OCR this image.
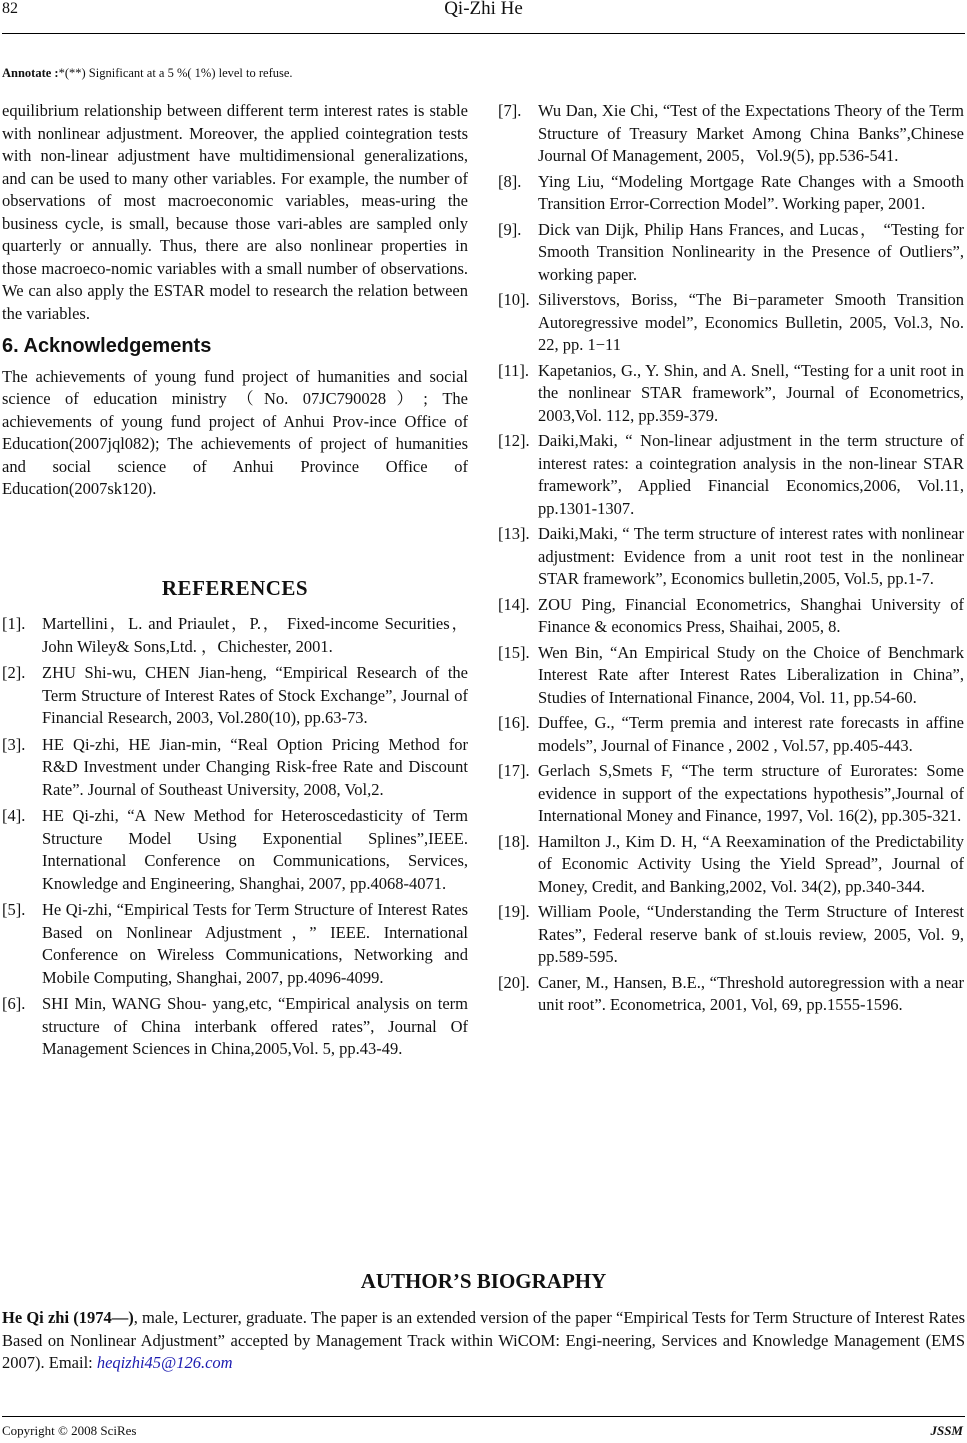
82	Qi-Zhi He
Annotate :*(**) Significant at a 5 %( 1%) level to refuse.
equilibrium relationship between different term interest rates is stable with nonlinear adjustment. Moreover, the applied cointegration tests with non-linear adjustment have multidimensional generalizations, and can be used to many other variables. For example, the number of observations of most macroeconomic variables, meas-uring the business cycle, is small, because those vari-ables are sampled only quarterly or annually. Thus, there are also nonlinear properties in those macroeco-nomic variables with a small number of observations. We can also apply the ESTAR model to research the relation between the variables.
6. Acknowledgements
The achievements of young fund project of humanities and social science of education ministry（No. 07JC790028）; The achievements of young fund project of Anhui Prov-ince Office of Education(2007jql082); The achievements of project of humanities and social science of Anhui Province Office of Education(2007sk120).
REFERENCES
[1].	Martellini，L. and Priaulet，P.， Fixed-income Securities， John Wiley& Sons,Ltd. ，Chichester, 2001.
[2].	ZHU Shi-wu, CHEN Jian-heng, “Empirical Research of the Term Structure of Interest Rates of Stock Exchange”, Journal of Financial Research, 2003, Vol.280(10), pp.63-73.
[3].	HE Qi-zhi, HE Jian-min, “Real Option Pricing Method for R&D Investment under Changing Risk-free Rate and Discount Rate”. Journal of Southeast University, 2008, Vol,2.
[4].	HE Qi-zhi, “A New Method for Heteroscedasticity of Term Structure Model Using Exponential Splines”,IEEE. International Conference on Communications, Services, Knowledge and Engineering, Shanghai, 2007, pp.4068-4071.
[5].	He Qi-zhi, “Empirical Tests for Term Structure of Interest Rates Based on Nonlinear Adjustment，” IEEE. International Conference on Wireless Communications, Networking and Mobile Computing, Shanghai, 2007, pp.4096-4099.
[6].	SHI Min, WANG Shou- yang,etc, “Empirical analysis on term structure of China interbank offered rates”, Journal Of Management Sciences in China,2005,Vol. 5, pp.43-49.
[7].	Wu Dan, Xie Chi, “Test of the Expectations Theory of the Term Structure of Treasury Market Among China Banks”,Chinese Journal Of Management, 2005，Vol.9(5), pp.536-541.
[8].	Ying Liu, “Modeling Mortgage Rate Changes with a Smooth Transition Error-Correction Model”. Working paper, 2001.
[9].	Dick van Dijk, Philip Hans Frances, and Lucas， “Testing for Smooth Transition Nonlinearity in the Presence of Outliers”, working paper.
[10]. Siliverstovs, Boriss, “The Bi−parameter Smooth Transition Autoregressive model”, Economics Bulletin, 2005, Vol.3, No. 22, pp. 1−11
[11]. Kapetanios, G., Y. Shin, and A. Snell, “Testing for a unit root in the nonlinear STAR framework”, Journal of Econometrics, 2003,Vol. 112, pp.359-379.
[12]. Daiki,Maki, “ Non-linear adjustment in the term structure of interest rates: a cointegration analysis in the non-linear STAR framework”, Applied Financial Economics,2006, Vol.11, pp.1301-1307.
[13]. Daiki,Maki, “ The term structure of interest rates with nonlinear adjustment: Evidence from a unit root test in the nonlinear STAR framework”, Economics bulletin,2005, Vol.5, pp.1-7.
[14]. ZOU Ping, Financial Econometrics, Shanghai University of Finance & economics Press, Shaihai, 2005, 8.
[15]. Wen Bin, “An Empirical Study on the Choice of Benchmark Interest Rate after Interest Rates Liberalization in China”, Studies of International Finance, 2004, Vol. 11, pp.54-60.
[16]. Duffee, G., “Term premia and interest rate forecasts in affine models”, Journal of Finance , 2002 , Vol.57, pp.405-443.
[17]. Gerlach S,Smets F, “The term structure of Eurorates: Some evidence in support of the expectations hypothesis”,Journal of International Money and Finance, 1997, Vol. 16(2), pp.305-321.
[18]. Hamilton J., Kim D. H, “A Reexamination of the Predictability of Economic Activity Using the Yield Spread”, Journal of Money, Credit, and Banking,2002, Vol. 34(2), pp.340-344.
[19]. William Poole, “Understanding the Term Structure of Interest Rates”, Federal reserve bank of st.louis review, 2005, Vol. 9, pp.589-595.
[20]. Caner, M., Hansen, B.E., “Threshold autoregression with a near unit root”. Econometrica, 2001, Vol, 69, pp.1555-1596.
AUTHOR’S BIOGRAPHY
He Qi zhi (1974—), male, Lecturer, graduate. The paper is an extended version of the paper “Empirical Tests for Term Structure of Interest Rates Based on Nonlinear Adjustment” accepted by Management Track within WiCOM: Engi-neering, Services and Knowledge Management (EMS 2007). Email: heqizhi45@126.com
Copyright © 2008 SciRes	JSSM
